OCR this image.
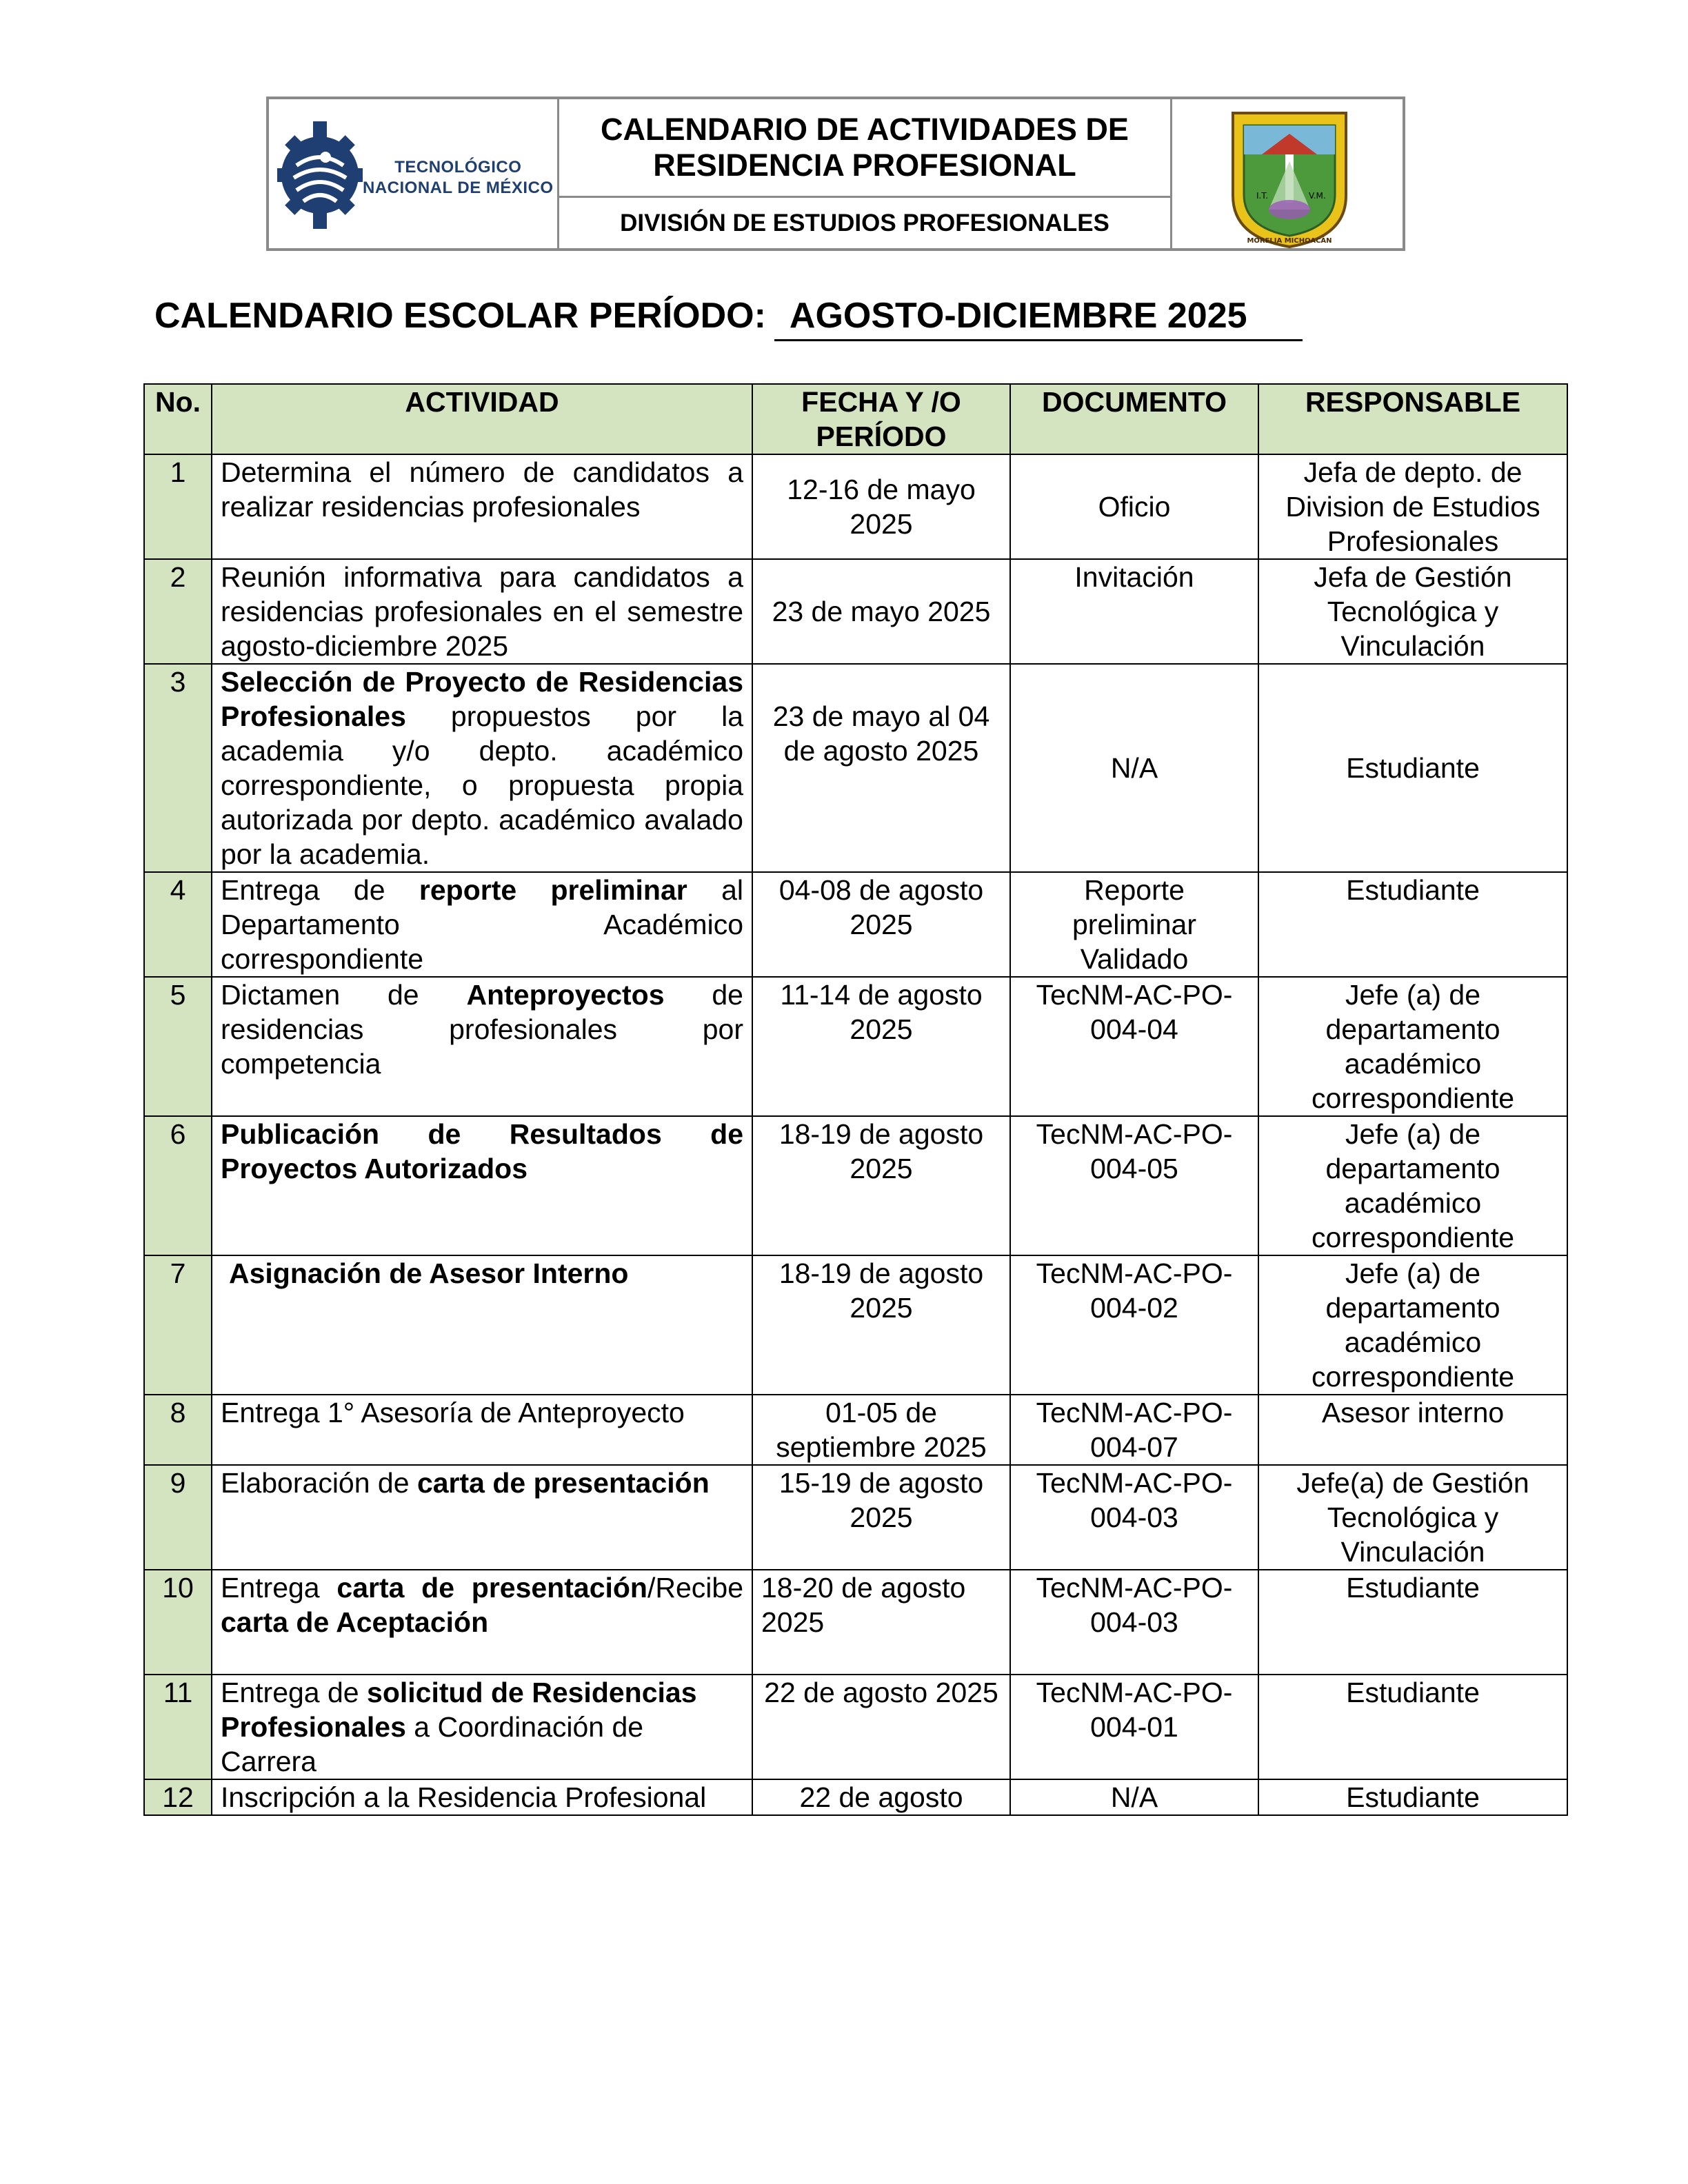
TECNOLÓGICO
NACIONAL DE MÉXICO
CALENDARIO DE ACTIVIDADES DE
RESIDENCIA PROFESIONAL
DIVISIÓN DE ESTUDIOS PROFESIONALES
I.T.	V.M.
MORELIA MICHOACÁN
CALENDARIO ESCOLAR PERÍODO: AGOSTO-DICIEMBRE 2025
No.	ACTIVIDAD	FECHA Y /O PERÍODO	DOCUMENTO	RESPONSABLE
1	Determina el número de candidatos a realizar residencias profesionales	12-16 de mayo 2025	Oficio	Jefa de depto. de Division de Estudios Profesionales
2	Reunión informativa para candidatos a residencias profesionales en el semestre agosto-diciembre 2025	23 de mayo 2025	Invitación	Jefa de Gestión Tecnológica y Vinculación
3	Selección de Proyecto de Residencias Profesionales propuestos por la academia y/o depto. académico correspondiente, o propuesta propia autorizada por depto. académico avalado por la academia.	23 de mayo al 04 de agosto 2025	N/A	Estudiante
4	Entrega de reporte preliminar al Departamento Académico correspondiente	04-08 de agosto 2025	Reporte preliminar Validado	Estudiante
5	Dictamen de Anteproyectos de residencias profesionales por competencia	11-14 de agosto 2025	TecNM-AC-PO-004-04	Jefe (a) de departamento académico correspondiente
6	Publicación de Resultados de Proyectos Autorizados	18-19 de agosto 2025	TecNM-AC-PO-004-05	Jefe (a) de departamento académico correspondiente
7	Asignación de Asesor Interno	18-19 de agosto 2025	TecNM-AC-PO-004-02	Jefe (a) de departamento académico correspondiente
8	Entrega 1° Asesoría de Anteproyecto	01-05 de septiembre 2025	TecNM-AC-PO-004-07	Asesor interno
9	Elaboración de carta de presentación	15-19 de agosto 2025	TecNM-AC-PO-004-03	Jefe(a) de Gestión Tecnológica y Vinculación
10	Entrega carta de presentación/Recibe carta de Aceptación	18-20 de agosto 2025	TecNM-AC-PO-004-03	Estudiante
11	Entrega de solicitud de Residencias Profesionales a Coordinación de Carrera	22 de agosto 2025	TecNM-AC-PO-004-01	Estudiante
12	Inscripción a la Residencia Profesional	22 de agosto	N/A	Estudiante
